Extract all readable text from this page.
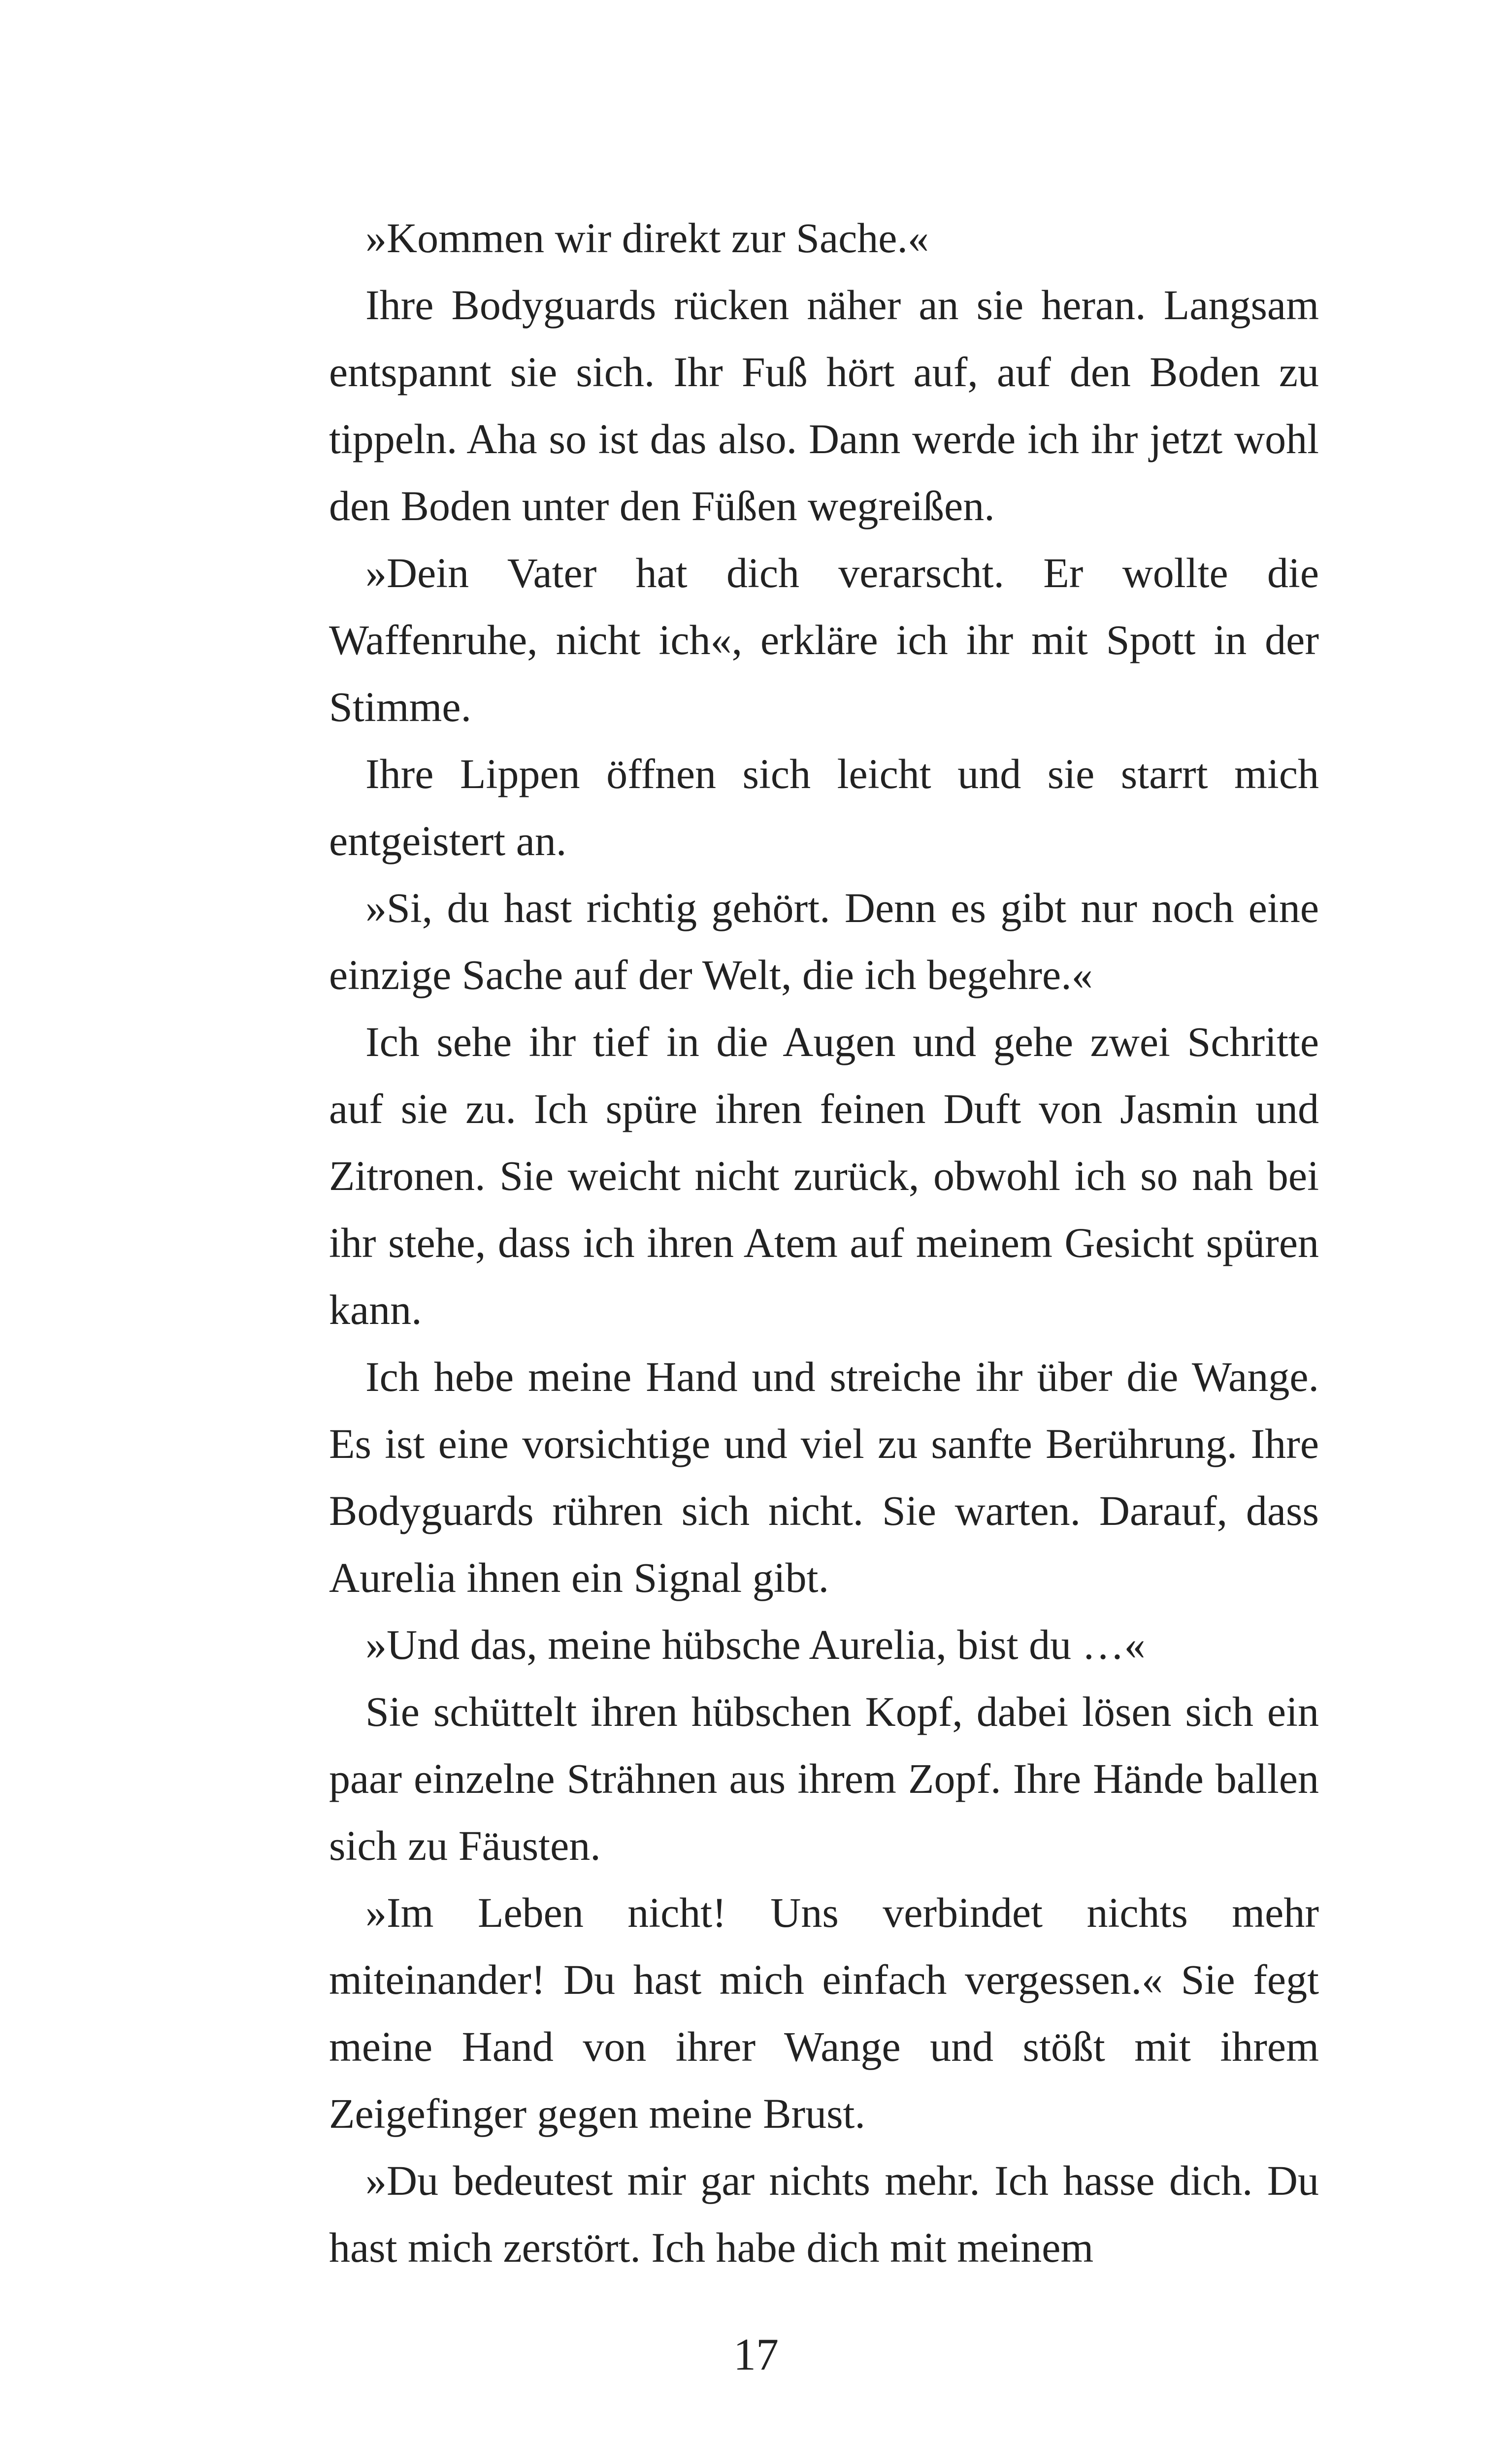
»Kommen wir direkt zur Sache.«

Ihre Bodyguards rücken näher an sie heran. Langsam entspannt sie sich. Ihr Fuß hört auf, auf den Boden zu tippeln. Aha so ist das also. Dann werde ich ihr jetzt wohl den Boden unter den Füßen wegreißen.

»Dein Vater hat dich verarscht. Er wollte die Waffenruhe, nicht ich«, erkläre ich ihr mit Spott in der Stimme.

Ihre Lippen öffnen sich leicht und sie starrt mich entgeistert an.

»Si, du hast richtig gehört. Denn es gibt nur noch eine einzige Sache auf der Welt, die ich begehre.«

Ich sehe ihr tief in die Augen und gehe zwei Schritte auf sie zu. Ich spüre ihren feinen Duft von Jasmin und Zitronen. Sie weicht nicht zurück, obwohl ich so nah bei ihr stehe, dass ich ihren Atem auf meinem Gesicht spüren kann.

Ich hebe meine Hand und streiche ihr über die Wange. Es ist eine vorsichtige und viel zu sanfte Berührung. Ihre Bodyguards rühren sich nicht. Sie warten. Darauf, dass Aurelia ihnen ein Signal gibt.

»Und das, meine hübsche Aurelia, bist du …«

Sie schüttelt ihren hübschen Kopf, dabei lösen sich ein paar einzelne Strähnen aus ihrem Zopf. Ihre Hände ballen sich zu Fäusten.

»Im Leben nicht! Uns verbindet nichts mehr miteinander! Du hast mich einfach vergessen.« Sie fegt meine Hand von ihrer Wange und stößt mit ihrem Zeigefinger gegen meine Brust.

»Du bedeutest mir gar nichts mehr. Ich hasse dich. Du hast mich zerstört. Ich habe dich mit meinem

17
